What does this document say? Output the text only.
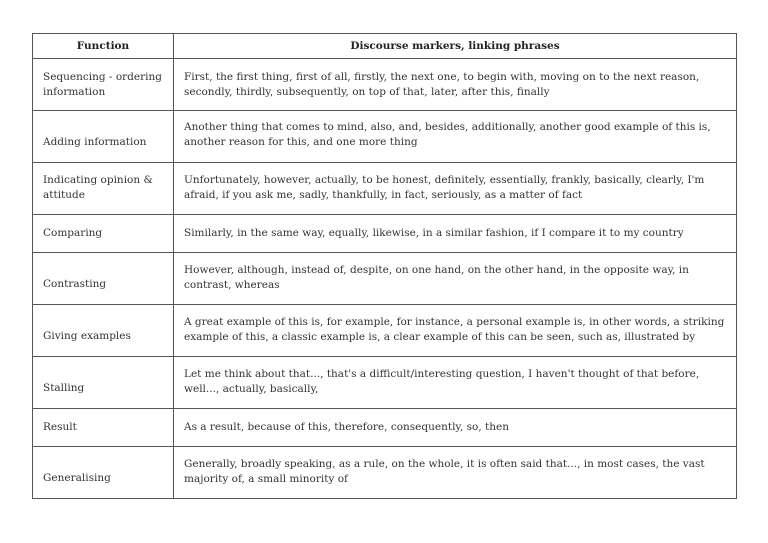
Function	Discourse markers, linking phrases

Sequencing - ordering information	First, the first thing, first of all, firstly, the next one, to begin with, moving on to the next reason, secondly, thirdly, subsequently, on top of that, later, after this, finally

Adding information	Another thing that comes to mind, also, and, besides, additionally, another good example of this is, another reason for this, and one more thing

Indicating opinion & attitude	Unfortunately, however, actually, to be honest, definitely, essentially, frankly, basically, clearly, I'm afraid, if you ask me, sadly, thankfully, in fact, seriously, as a matter of fact

Comparing	Similarly, in the same way, equally, likewise, in a similar fashion, if I compare it to my country

Contrasting	However, although, instead of, despite, on one hand, on the other hand, in the opposite way, in contrast, whereas

Giving examples	A great example of this is, for example, for instance, a personal example is, in other words, a striking example of this, a classic example is, a clear example of this can be seen, such as, illustrated by

Stalling	Let me think about that..., that's a difficult/interesting question, I haven't thought of that before, well..., actually, basically,

Result	As a result, because of this, therefore, consequently, so, then

Generalising	Generally, broadly speaking, as a rule, on the whole, it is often said that..., in most cases, the vast majority of, a small minority of
